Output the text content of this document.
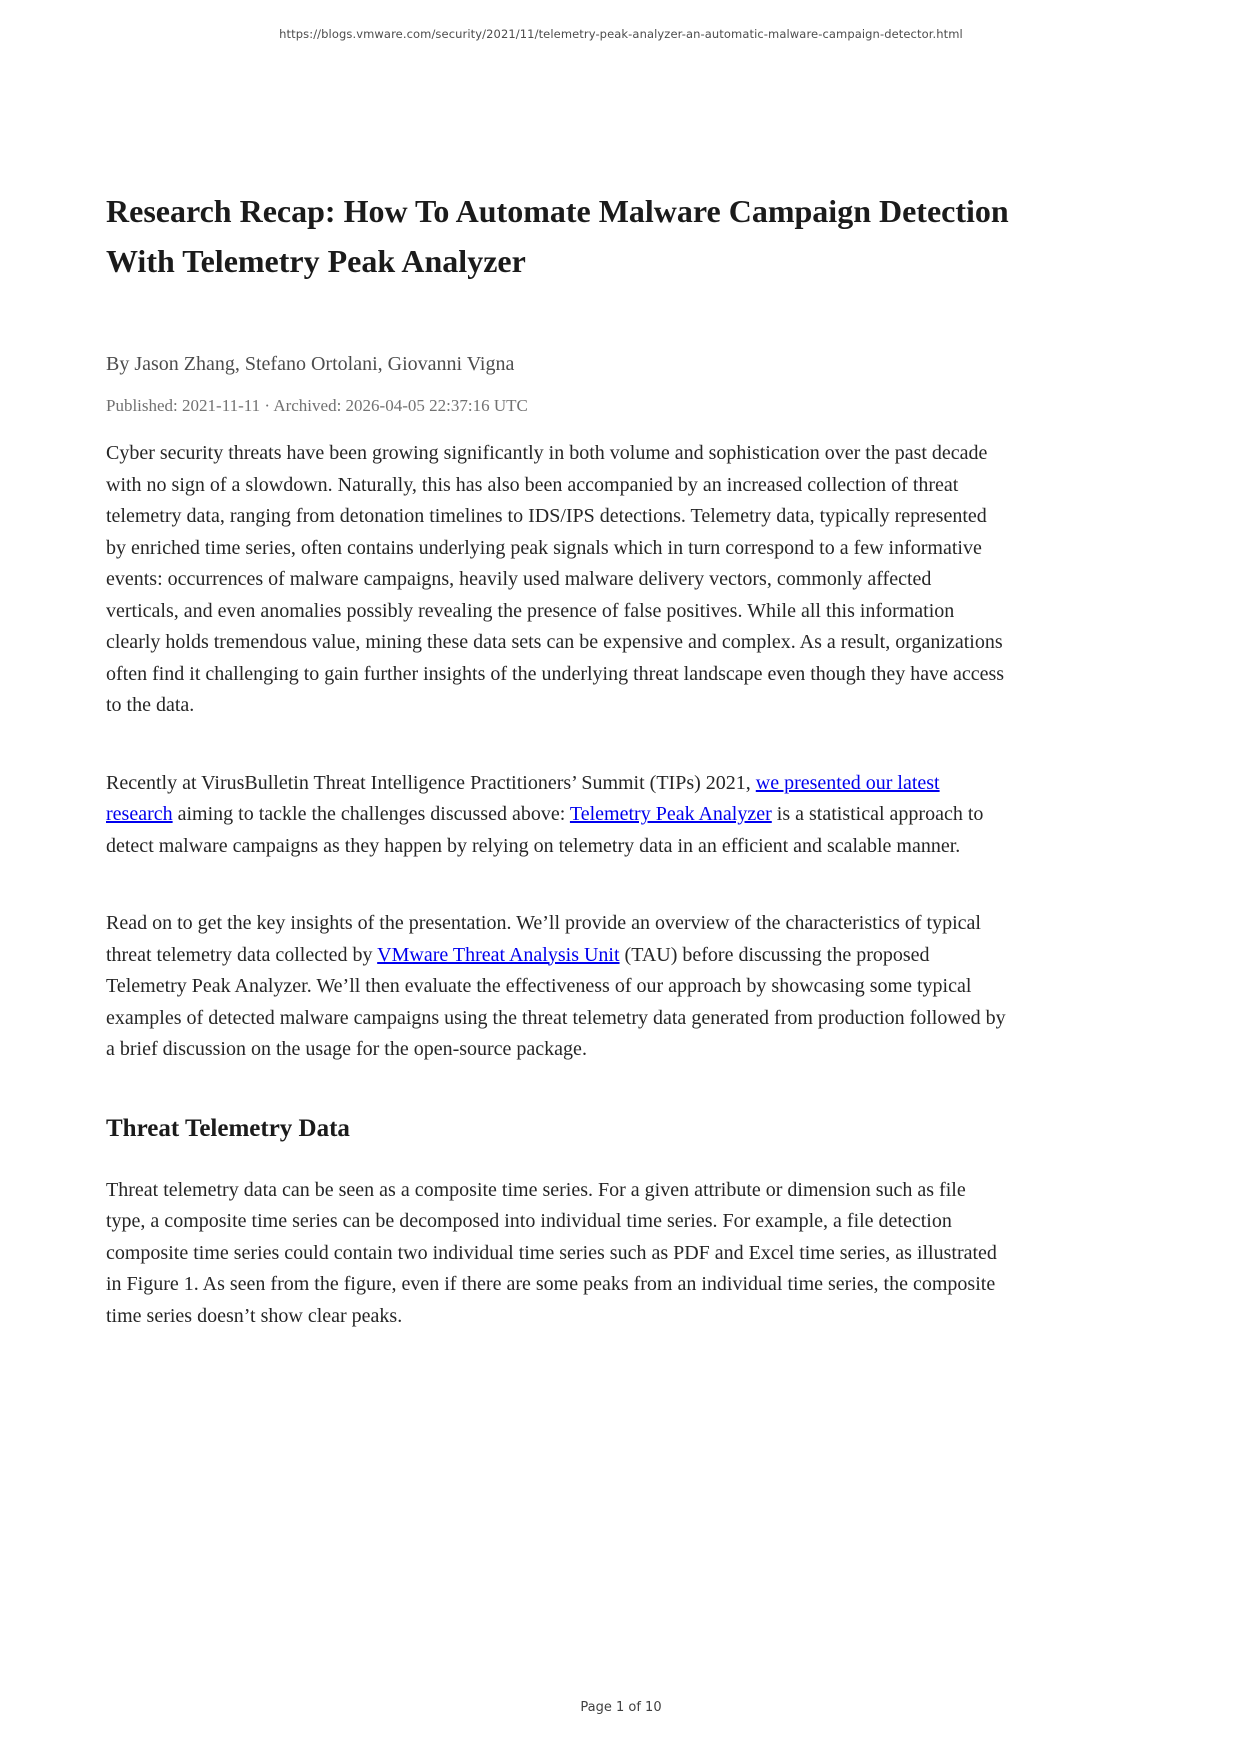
https://blogs.vmware.com/security/2021/11/telemetry-peak-analyzer-an-automatic-malware-campaign-detector.html
Research Recap: How To Automate Malware Campaign Detection
With Telemetry Peak Analyzer
By Jason Zhang, Stefano Ortolani, Giovanni Vigna
Published: 2021-11-11 · Archived: 2026-04-05 22:37:16 UTC

Cyber security threats have been growing significantly in both volume and sophistication over the past decade with no sign of a slowdown. Naturally, this has also been accompanied by an increased collection of threat telemetry data, ranging from detonation timelines to IDS/IPS detections. Telemetry data, typically represented by enriched time series, often contains underlying peak signals which in turn correspond to a few informative events: occurrences of malware campaigns, heavily used malware delivery vectors, commonly affected verticals, and even anomalies possibly revealing the presence of false positives. While all this information clearly holds tremendous value, mining these data sets can be expensive and complex. As a result, organizations often find it challenging to gain further insights of the underlying threat landscape even though they have access to the data.

Recently at VirusBulletin Threat Intelligence Practitioners’ Summit (TIPs) 2021, we presented our latest research aiming to tackle the challenges discussed above: Telemetry Peak Analyzer is a statistical approach to detect malware campaigns as they happen by relying on telemetry data in an efficient and scalable manner.

Read on to get the key insights of the presentation. We’ll provide an overview of the characteristics of typical threat telemetry data collected by VMware Threat Analysis Unit (TAU) before discussing the proposed Telemetry Peak Analyzer. We’ll then evaluate the effectiveness of our approach by showcasing some typical examples of detected malware campaigns using the threat telemetry data generated from production followed by a brief discussion on the usage for the open-source package.

Threat Telemetry Data

Threat telemetry data can be seen as a composite time series. For a given attribute or dimension such as file type, a composite time series can be decomposed into individual time series. For example, a file detection composite time series could contain two individual time series such as PDF and Excel time series, as illustrated in Figure 1. As seen from the figure, even if there are some peaks from an individual time series, the composite time series doesn’t show clear peaks.

Page 1 of 10
